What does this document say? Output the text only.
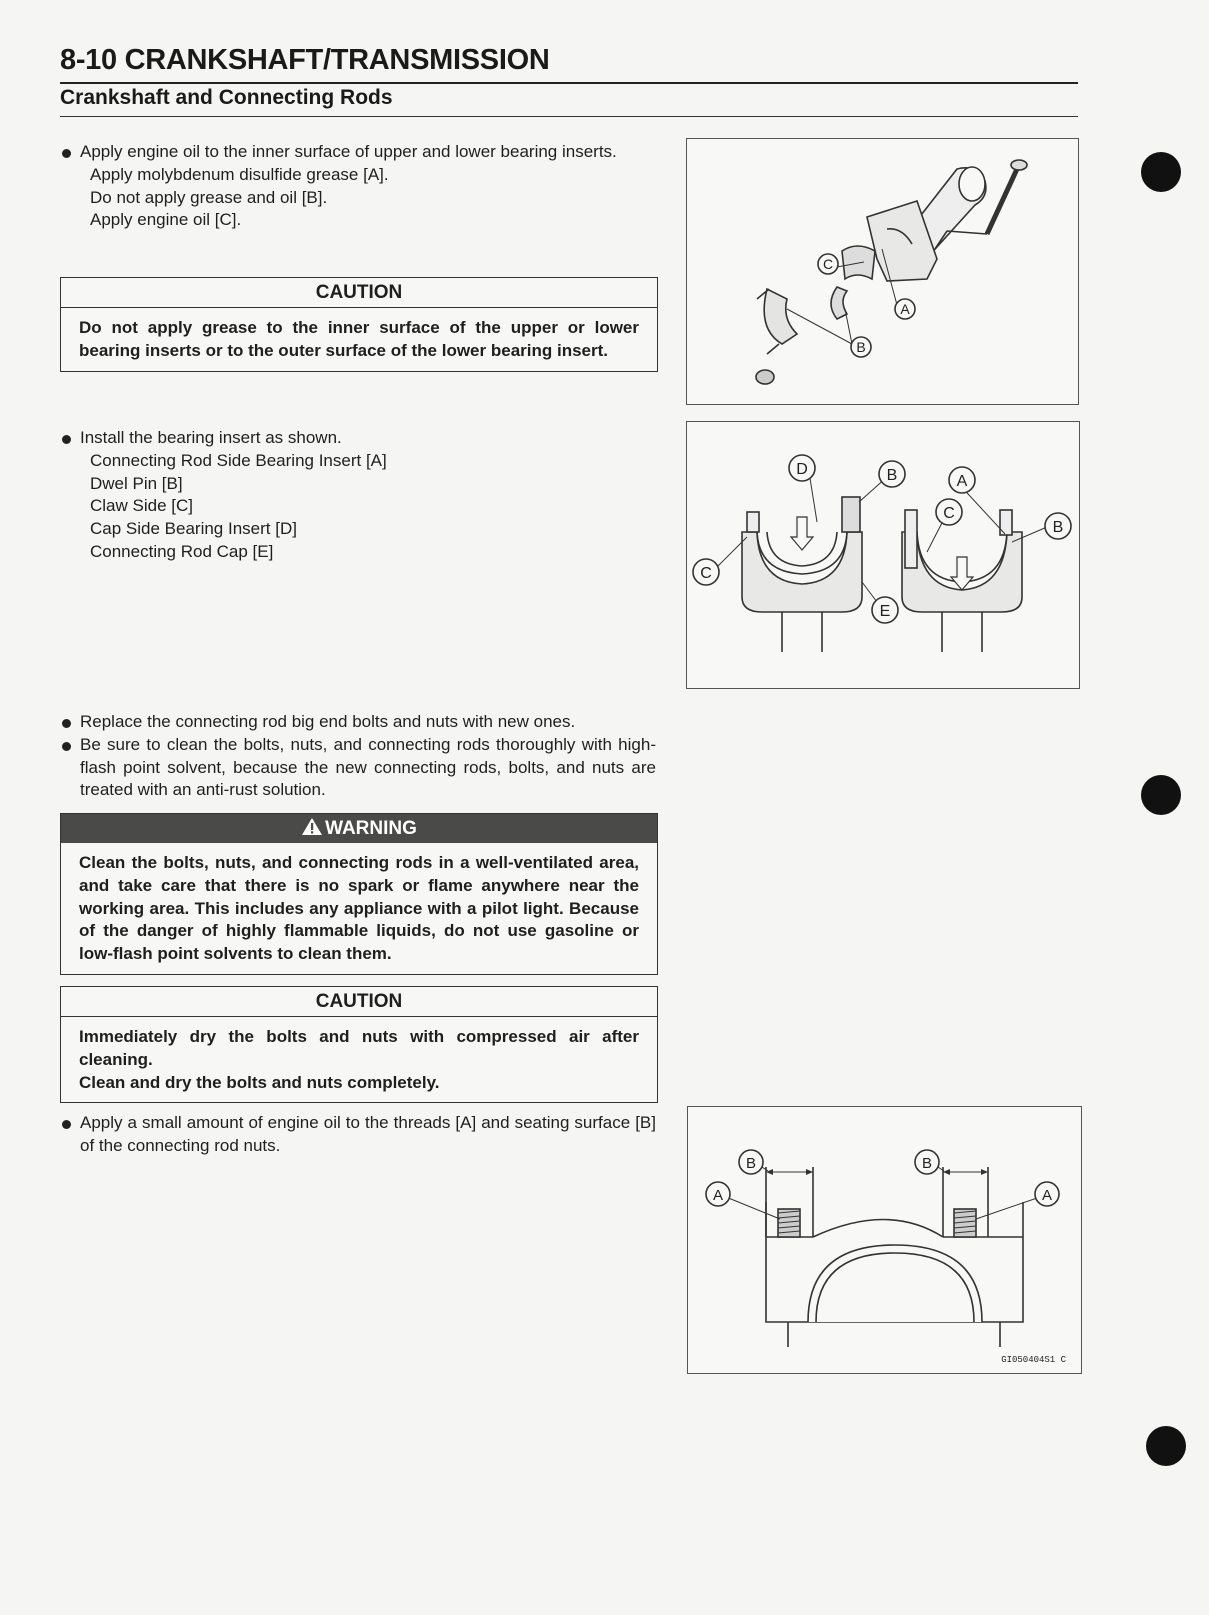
8-10 CRANKSHAFT/TRANSMISSION
Crankshaft and Connecting Rods
Apply engine oil to the inner surface of upper and lower bearing inserts.
Apply molybdenum disulfide grease [A].
Do not apply grease and oil [B].
Apply engine oil [C].
CAUTION
Do not apply grease to the inner surface of the upper or lower bearing inserts or to the outer surface of the lower bearing insert.
Install the bearing insert as shown.
Connecting Rod Side Bearing Insert [A]
Dwel Pin [B]
Claw Side [C]
Cap Side Bearing Insert [D]
Connecting Rod Cap [E]
Replace the connecting rod big end bolts and nuts with new ones.
Be sure to clean the bolts, nuts, and connecting rods thoroughly with high-flash point solvent, because the new connecting rods, bolts, and nuts are treated with an anti-rust solution.
WARNING
Clean the bolts, nuts, and connecting rods in a well-ventilated area, and take care that there is no spark or flame anywhere near the working area. This includes any appliance with a pilot light. Because of the danger of highly flammable liquids, do not use gasoline or low-flash point solvents to clean them.
CAUTION
Immediately dry the bolts and nuts with compressed air after cleaning.
Clean and dry the bolts and nuts completely.
Apply a small amount of engine oil to the threads [A] and seating surface [B] of the connecting rod nuts.
C
A
B
D	B	A
C
B
C
E
B	B
A	A
GI050404S1 C
